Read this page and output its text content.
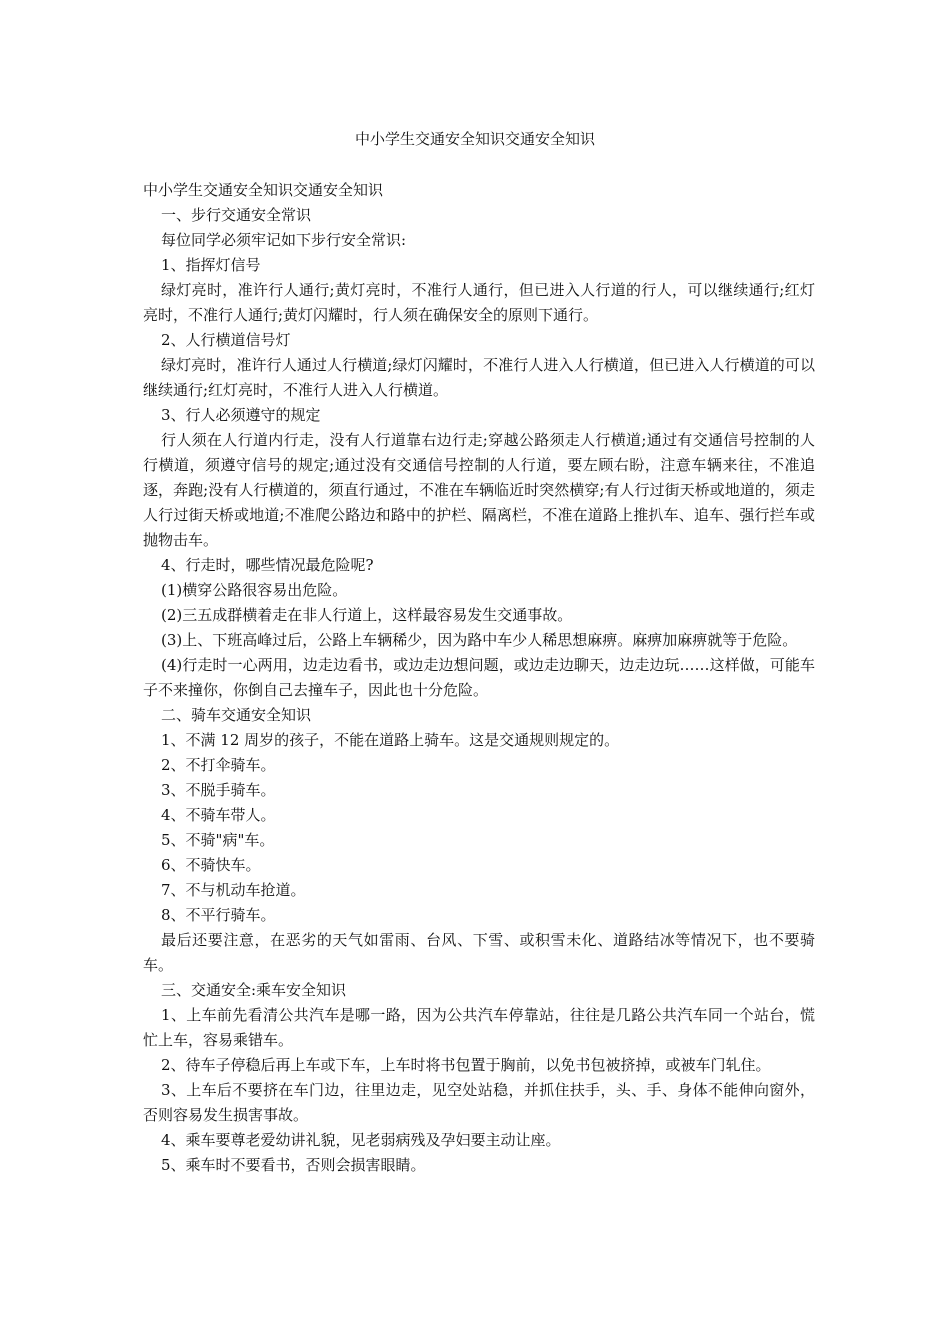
中小学生交通安全知识交通安全知识

中小学生交通安全知识交通安全知识

一、步行交通安全常识

每位同学必须牢记如下步行安全常识:

1、指挥灯信号

绿灯亮时，准许行人通行;黄灯亮时，不准行人通行，但已进入人行道的行人，可以继续通行;红灯亮时，不准行人通行;黄灯闪耀时，行人须在确保安全的原则下通行。

2、人行横道信号灯

绿灯亮时，准许行人通过人行横道;绿灯闪耀时，不准行人进入人行横道，但已进入人行横道的可以继续通行;红灯亮时，不准行人进入人行横道。

3、行人必须遵守的规定

行人须在人行道内行走，没有人行道靠右边行走;穿越公路须走人行横道;通过有交通信号控制的人行横道，须遵守信号的规定;通过没有交通信号控制的人行道，要左顾右盼，注意车辆来往，不准追逐，奔跑;没有人行横道的，须直行通过，不准在车辆临近时突然横穿;有人行过街天桥或地道的，须走人行过街天桥或地道;不准爬公路边和路中的护栏、隔离栏，不准在道路上推扒车、追车、强行拦车或抛物击车。

4、行走时，哪些情况最危险呢?

(1)横穿公路很容易出危险。

(2)三五成群横着走在非人行道上，这样最容易发生交通事故。

(3)上、下班高峰过后，公路上车辆稀少，因为路中车少人稀思想麻痹。麻痹加麻痹就等于危险。

(4)行走时一心两用，边走边看书，或边走边想问题，或边走边聊天，边走边玩……这样做，可能车子不来撞你，你倒自己去撞车子，因此也十分危险。

二、骑车交通安全知识

1、不满 12 周岁的孩子，不能在道路上骑车。这是交通规则规定的。

2、不打伞骑车。

3、不脱手骑车。

4、不骑车带人。

5、不骑"病"车。

6、不骑快车。

7、不与机动车抢道。

8、不平行骑车。

最后还要注意，在恶劣的天气如雷雨、台风、下雪、或积雪未化、道路结冰等情况下，也不要骑车。

三、交通安全:乘车安全知识

1、上车前先看清公共汽车是哪一路，因为公共汽车停靠站，往往是几路公共汽车同一个站台，慌忙上车，容易乘错车。

2、待车子停稳后再上车或下车，上车时将书包置于胸前，以免书包被挤掉，或被车门轧住。

3、上车后不要挤在车门边，往里边走，见空处站稳，并抓住扶手，头、手、身体不能伸向窗外，否则容易发生损害事故。

4、乘车要尊老爱幼讲礼貌，见老弱病残及孕妇要主动让座。

5、乘车时不要看书，否则会损害眼睛。
